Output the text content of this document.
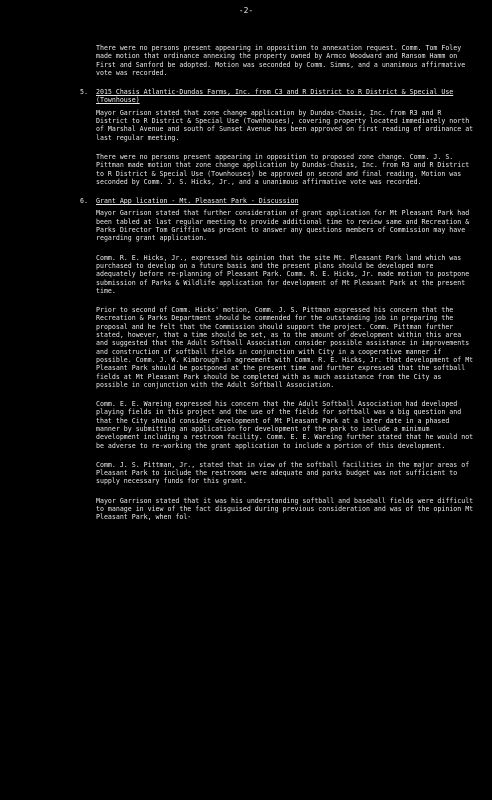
-2-

There were no persons present appearing in opposition to annexation request. Comm. Tom Foley made motion that ordinance annexing the property owned by Armco Woodward and Ransom Hamm on First and Sanford be adopted. Motion was seconded by Comm. Simms, and a unanimous affirmative vote was recorded.

5. 2015 Chasis Atlantic-Dundas Farms, Inc. from C3 and R District to R District & Special Use (Townhouse)

Mayor Garrison stated that zone change application by Dundas-Chasis, Inc. from R3 and R District to R District & Special Use (Townhouses), covering property located immediately north of Marshal Avenue and south of Sunset Avenue has been approved on first reading of ordinance at last regular meeting.

There were no persons present appearing in opposition to proposed zone change. Comm. J. S. Pittman made motion that zone change application by Dundas-Chasis, Inc. from R3 and R District to R District & Special Use (Townhouses) be approved on second and final reading. Motion was seconded by Comm. J. S. Hicks, Jr., and a unanimous affirmative vote was recorded.

6. Grant App lication - Mt. Pleasant Park - Discussion

Mayor Garrison stated that further consideration of grant application for Mt Pleasant Park had been tabled at last regular meeting to provide additional time to review same and Recreation & Parks Director Tom Griffin was present to answer any questions members of Commission may have regarding grant application.

Comm. R. E. Hicks, Jr., expressed his opinion that the site Mt. Pleasant Park land which was purchased to develop on a future basis and the present plans should be developed more adequately before re-planning of Pleasant Park. Comm. R. E. Hicks, Jr. made motion to postpone submission of Parks & Wildlife application for development of Mt Pleasant Park at the present time.

Prior to second of Comm. Hicks' motion, Comm. J. S. Pittman expressed his concern that the Recreation & Parks Department should be commended for the outstanding job in preparing the proposal and he felt that the Commission should support the project. Comm. Pittman further stated, however, that a time should be set, as to the amount of development within this area and suggested that the Adult Softball Association consider possible assistance in improvements and construction of softball fields in conjunction with City in a cooperative manner if possible. Comm. J. W. Kimbrough in agreement with Comm. R. E. Hicks, Jr. that development of Mt Pleasant Park should be postponed at the present time and further expressed that the softball fields at Mt Pleasant Park should be completed with as much assistance from the City as possible in conjunction with the Adult Softball Association.

Comm. E. E. Wareing expressed his concern that the Adult Softball Association had developed playing fields in this project and the use of the fields for softball was a big question and that the City should consider development of Mt Pleasant Park at a later date in a phased manner by submitting an application for development of the park to include a minimum development including a restroom facility. Comm. E. E. Wareing further stated that he would not be adverse to re-working the grant application to include a portion of this development.

Comm. J. S. Pittman, Jr., stated that in view of the softball facilities in the major areas of Pleasant Park to include the restrooms were adequate and parks budget was not sufficient to supply necessary funds for this grant.

Mayor Garrison stated that it was his understanding softball and baseball fields were difficult to manage in view of the fact disguised during previous consideration and was of the opinion Mt Pleasant Park, when fol-
